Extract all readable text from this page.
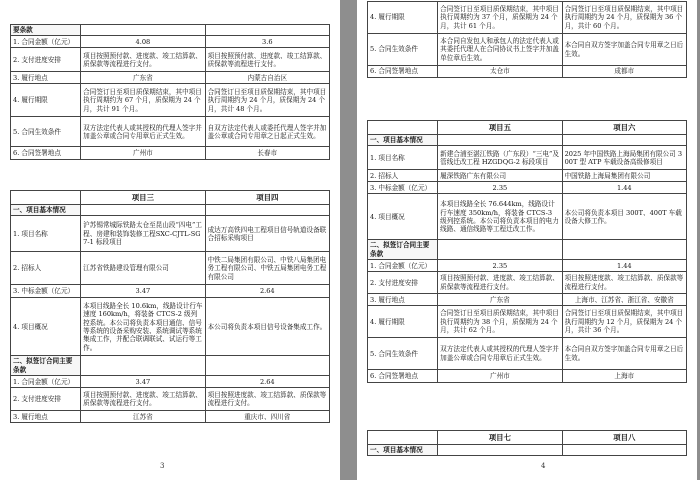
要条款		
1. 合同金额（亿元）	4.08	3.6
2. 支付进度安排	项目按照预付款、进度款、竣工结算款、质保款等流程进行支付。	项目按照预付款、进度款、竣工结算款、质保款等流程进行支付。
3. 履行地点	广东省	内蒙古自治区
4. 履行期限	合同签订日至项目质保期结束，其中项目执行周期约为 67 个月，质保期为 24 个月，共计 91 个月。	合同签订日至项目质保期结束，其中项目执行周期约为 24 个月，质保期为 24 个月，共计 48 个月。
5. 合同生效条件	双方法定代表人或其授权的代理人签字并加盖公章或合同专用章后正式生效。	自双方法定代表人或委托代理人签字并加盖公章或合同专用章之日起正式生效。
6. 合同签署地点	广州市	长春市
	项目三	项目四
一、项目基本情况		
1. 项目名称	沪苏锡常城际铁路太仓至昆山段“四电”工程、房建和装饰装修工程SXC-CJTL-SG7-1 标段项目	成达万高铁四电工程项目信号轨道设备联合招标采购项目
2. 招标人	江苏省铁路建设管理有限公司	中铁二局集团有限公司、中铁八局集团电务工程有限公司、中铁五局集团电务工程有限公司
3. 中标金额（亿元）	3.47	2.64
4. 项目概况	本项目线路全长 10.6km，线路设计行车速度 160km/h，将装备 CTCS-2 级列控系统。本公司将负责本项目通信、信号等系统的设备采购安装、系统调试等系统集成工作，并配合联调联试、试运行等工作。	本公司将负责本项目信号设备集成工作。
二、拟签订合同主要条款		
1. 合同金额（亿元）	3.47	2.64
2. 支付进度安排	项目按照预付款、进度款、竣工结算款、质保款等流程进行支付。	项目按照进度款、竣工结算款、质保款等流程进行支付。
3. 履行地点	江苏省	重庆市、四川省
3
4. 履行期限	合同签订日至项目质保期结束，其中项目执行周期约为 37 个月，质保期为 24 个月，共计 61 个月。	合同签订日至项目质保期结束，其中项目执行周期约为 24 个月，质保期为 36 个月，共计 60 个月。
5. 合同生效条件	本合同自发包人和承包人的法定代表人或其委托代理人在合同协议书上签字并加盖单位章后生效。	本合同自双方签字加盖合同专用章之日后生效。
6. 合同签署地点	太仓市	成都市
	项目五	项目六
一、项目基本情况		
1. 项目名称	新建合浦至湛江铁路（广东段）“三电”及管线迁改工程 HZGDQG-2 标段项目	2025 年中国铁路上海局集团有限公司 300T 型 ATP 车载设备高级修项目
2. 招标人	履深铁路广东有限公司	中国铁路上海局集团有限公司
3. 中标金额（亿元）	2.35	1.44
4. 项目概况	本项目线路全长 76.644km，线路设计行车速度 350km/h，将装备 CTCS-3 级列控系统。本公司将负责本项目的电力线路、通信线路等工程迁改工作。	本公司将负责本项目 300T、400T 车载设备大修工作。
二、拟签订合同主要条款		
1. 合同金额（亿元）	2.35	1.44
2. 支付进度安排	项目按照预付款、进度款、竣工结算款、质保款等流程进行支付。	项目按照进度款、竣工结算款、质保款等流程进行支付。
3. 履行地点	广东省	上海市、江苏省、浙江省、安徽省
4. 履行期限	合同签订日至项目质保期结束，其中项目执行周期约为 38 个月，质保期为 24 个月，共计 62 个月。	合同签订日至项目质保期结束，其中项目执行周期约为 12 个月，质保期为 24 个月，共计 36 个月。
5. 合同生效条件	双方法定代表人或其授权的代理人签字并加盖公章或合同专用章后正式生效。	本合同自双方签字加盖合同专用章之日后生效。
6. 合同签署地点	广州市	上海市
	项目七	项目八
一、项目基本情况		
4
